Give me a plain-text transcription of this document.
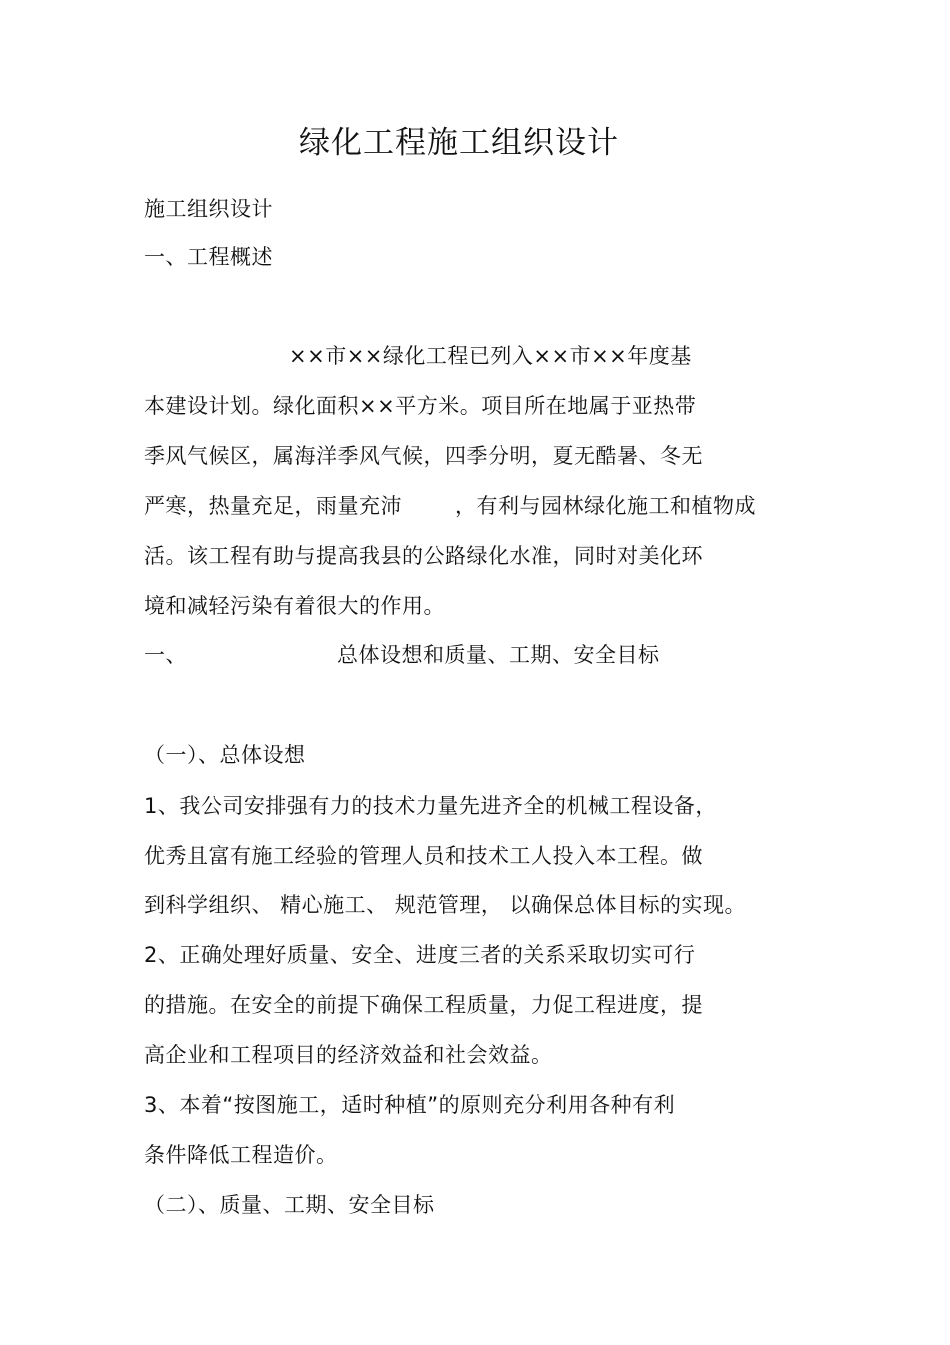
绿化工程施工组织设计
施工组织设计
一、工程概述
××市××绿化工程已列入××市××年度基
本建设计划。绿化面积××平方米。项目所在地属于亚热带
季风气候区，属海洋季风气候，四季分明，夏无酷暑、冬无
严寒，热量充足，雨量充沛	，有利与园林绿化施工和植物成
活。该工程有助与提高我县的公路绿化水准，同时对美化环
境和减轻污染有着很大的作用。
一、	总体设想和质量、工期、安全目标
（一）、总体设想
1、我公司安排强有力的技术力量先进齐全的机械工程设备，
优秀且富有施工经验的管理人员和技术工人投入本工程。做
到科学组织、 精心施工、 规范管理， 以确保总体目标的实现。
2、正确处理好质量、安全、进度三者的关系采取切实可行
的措施。在安全的前提下确保工程质量，力促工程进度，提
高企业和工程项目的经济效益和社会效益。
3、本着“按图施工，适时种植”的原则充分利用各种有利
条件降低工程造价。
（二）、质量、工期、安全目标
